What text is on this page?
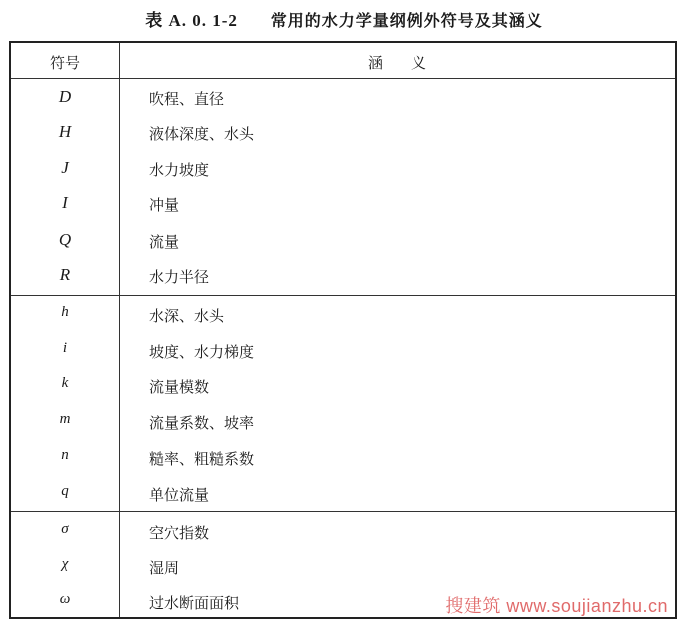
表 A. 0. 1-2 常用的水力学量纲例外符号及其涵义
符号	涵义
D	吹程、直径
H	液体深度、水头
J	水力坡度
I	冲量
Q	流量
R	水力半径
h	水深、水头
i	坡度、水力梯度
k	流量模数
m	流量系数、坡率
n	糙率、粗糙系数
q	单位流量
σ	空穴指数
χ	湿周
ω	过水断面面积	搜建筑 www.soujianzhu.cn
